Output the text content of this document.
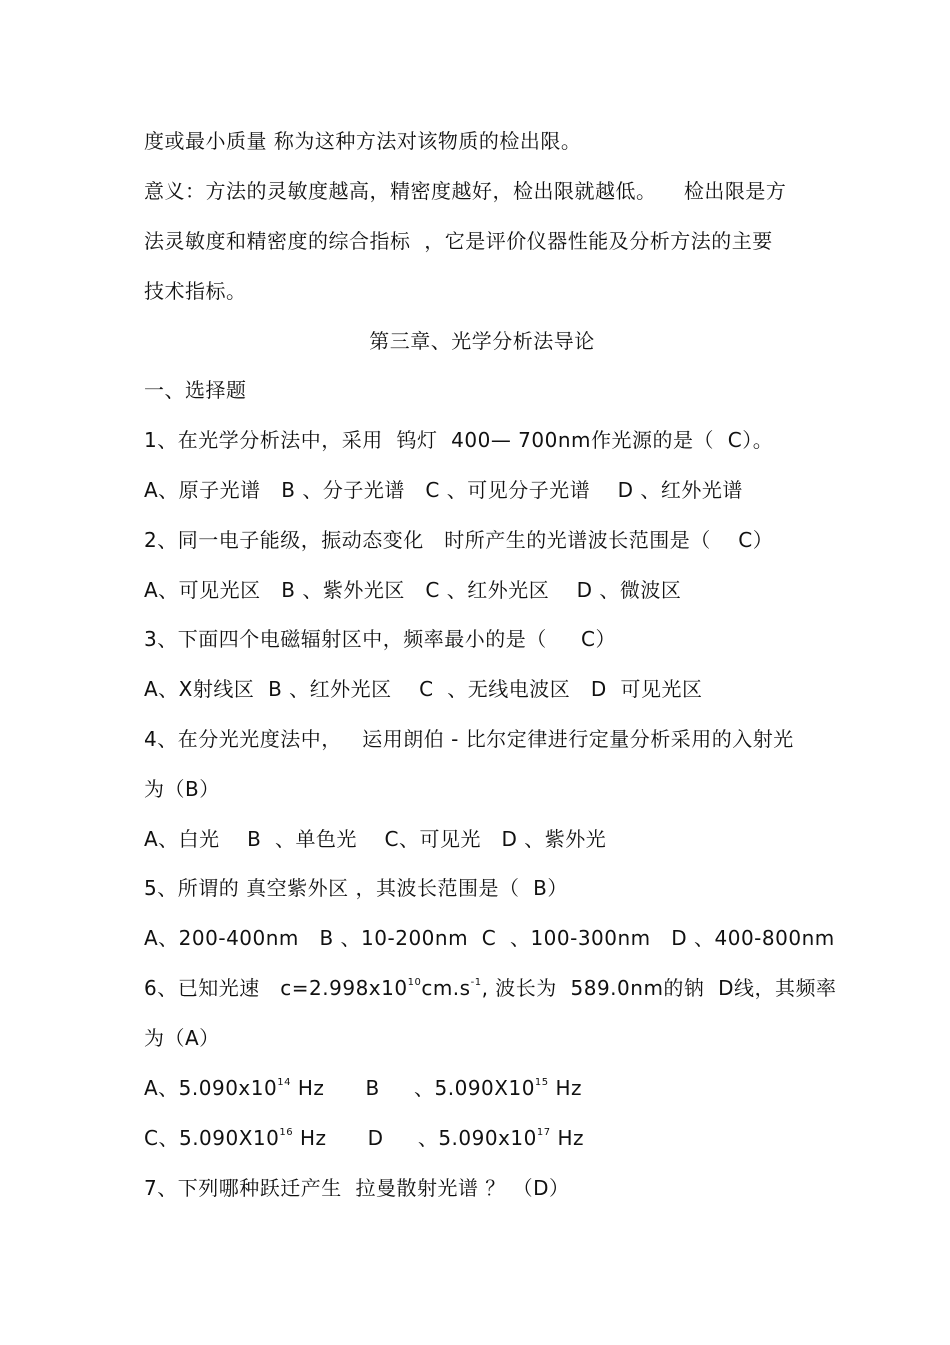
度或最小质量 称为这种方法对该物质的检出限。
意义：方法的灵敏度越高，精密度越好，检出限就越低。    检出限是方
法灵敏度和精密度的综合指标  ，它是评价仪器性能及分析方法的主要
技术指标。
第三章、光学分析法导论
一、选择题
1、在光学分析法中，采用  钨灯  400— 700nm作光源的是（  C）。
A、原子光谱   B 、分子光谱   C 、可见分子光谱    D 、红外光谱
2、同一电子能级，振动态变化   时所产生的光谱波长范围是（    C）
A、可见光区   B 、紫外光区   C 、红外光区    D 、微波区
3、下面四个电磁辐射区中，频率最小的是（     C）
A、X射线区  B 、红外光区    C  、无线电波区   D  可见光区
4、在分光光度法中，   运用朗伯 - 比尔定律进行定量分析采用的入射光
为（B）
A、白光    B  、单色光    C、可见光   D 、紫外光
5、所谓的 真空紫外区 ，其波长范围是（  B）
A、200-400nm   B 、10-200nm  C  、100-300nm   D 、400-800nm
6、已知光速   $c=2.998x10^{10}cm.s^{-1}$, 波长为  589.0nm的钠  D线，其频率
为（A）
A、$5.090x10^{14}$ Hz      B     、$5.090X10^{15}$ Hz
C、$5.090X10^{16}$ Hz      D     、$5.090x10^{17}$ Hz
7、下列哪种跃迁产生  拉曼散射光谱 ？ （D）
